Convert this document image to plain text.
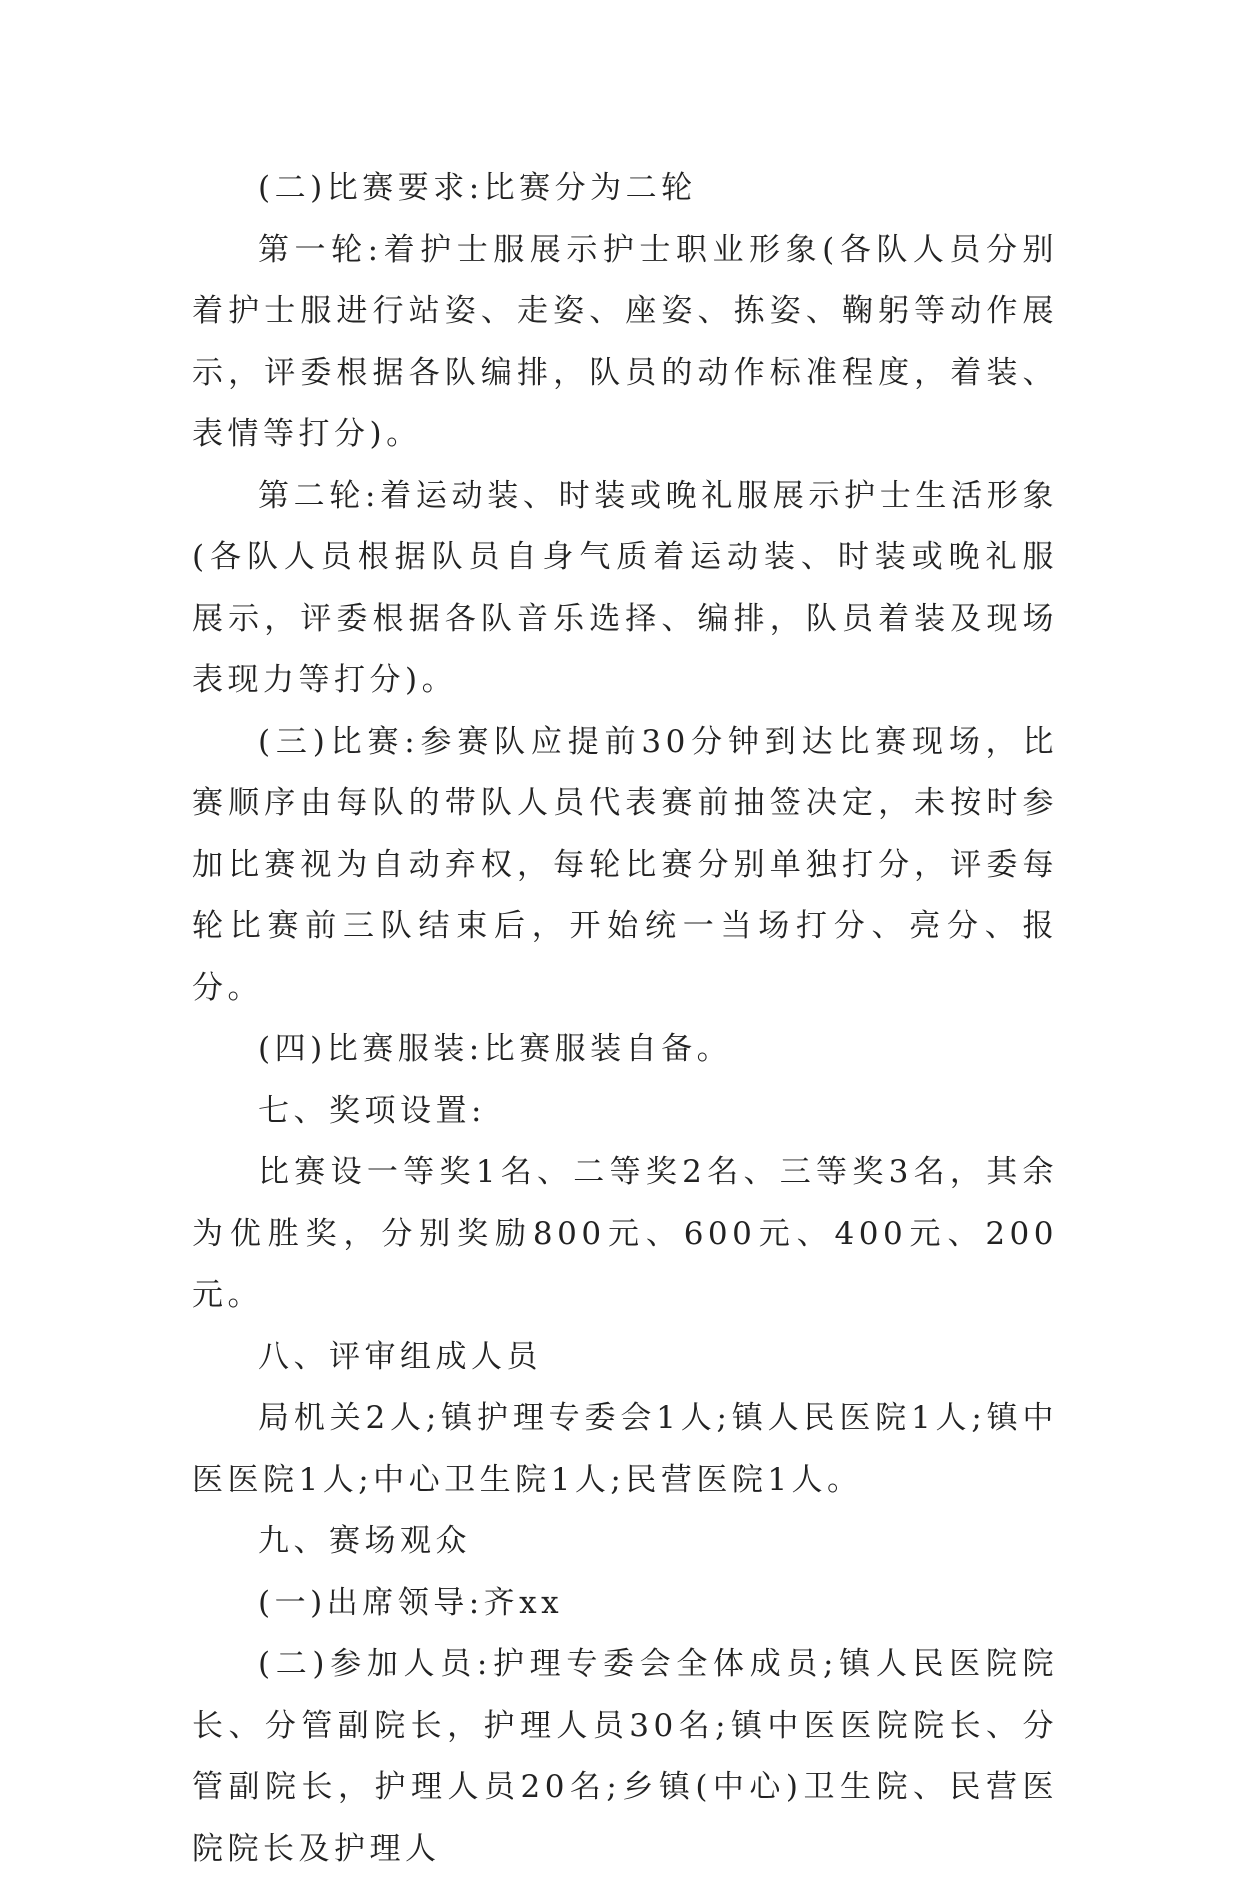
(二)比赛要求:比赛分为二轮

第一轮:着护士服展示护士职业形象(各队人员分别着护士服进行站姿、走姿、座姿、拣姿、鞠躬等动作展示，评委根据各队编排，队员的动作标准程度，着装、表情等打分)。

第二轮:着运动装、时装或晚礼服展示护士生活形象(各队人员根据队员自身气质着运动装、时装或晚礼服展示，评委根据各队音乐选择、编排，队员着装及现场表现力等打分)。

(三)比赛:参赛队应提前30分钟到达比赛现场，比赛顺序由每队的带队人员代表赛前抽签决定，未按时参加比赛视为自动弃权，每轮比赛分别单独打分，评委每轮比赛前三队结束后，开始统一当场打分、亮分、报分。

(四)比赛服装:比赛服装自备。

七、奖项设置:

比赛设一等奖1名、二等奖2名、三等奖3名，其余为优胜奖，分别奖励800元、600元、400元、200元。

八、评审组成人员

局机关2人;镇护理专委会1人;镇人民医院1人;镇中医医院1人;中心卫生院1人;民营医院1人。

九、赛场观众

(一)出席领导:齐xx

(二)参加人员:护理专委会全体成员;镇人民医院院长、分管副院长，护理人员30名;镇中医医院院长、分管副院长，护理人员20名;乡镇(中心)卫生院、民营医院院长及护理人
